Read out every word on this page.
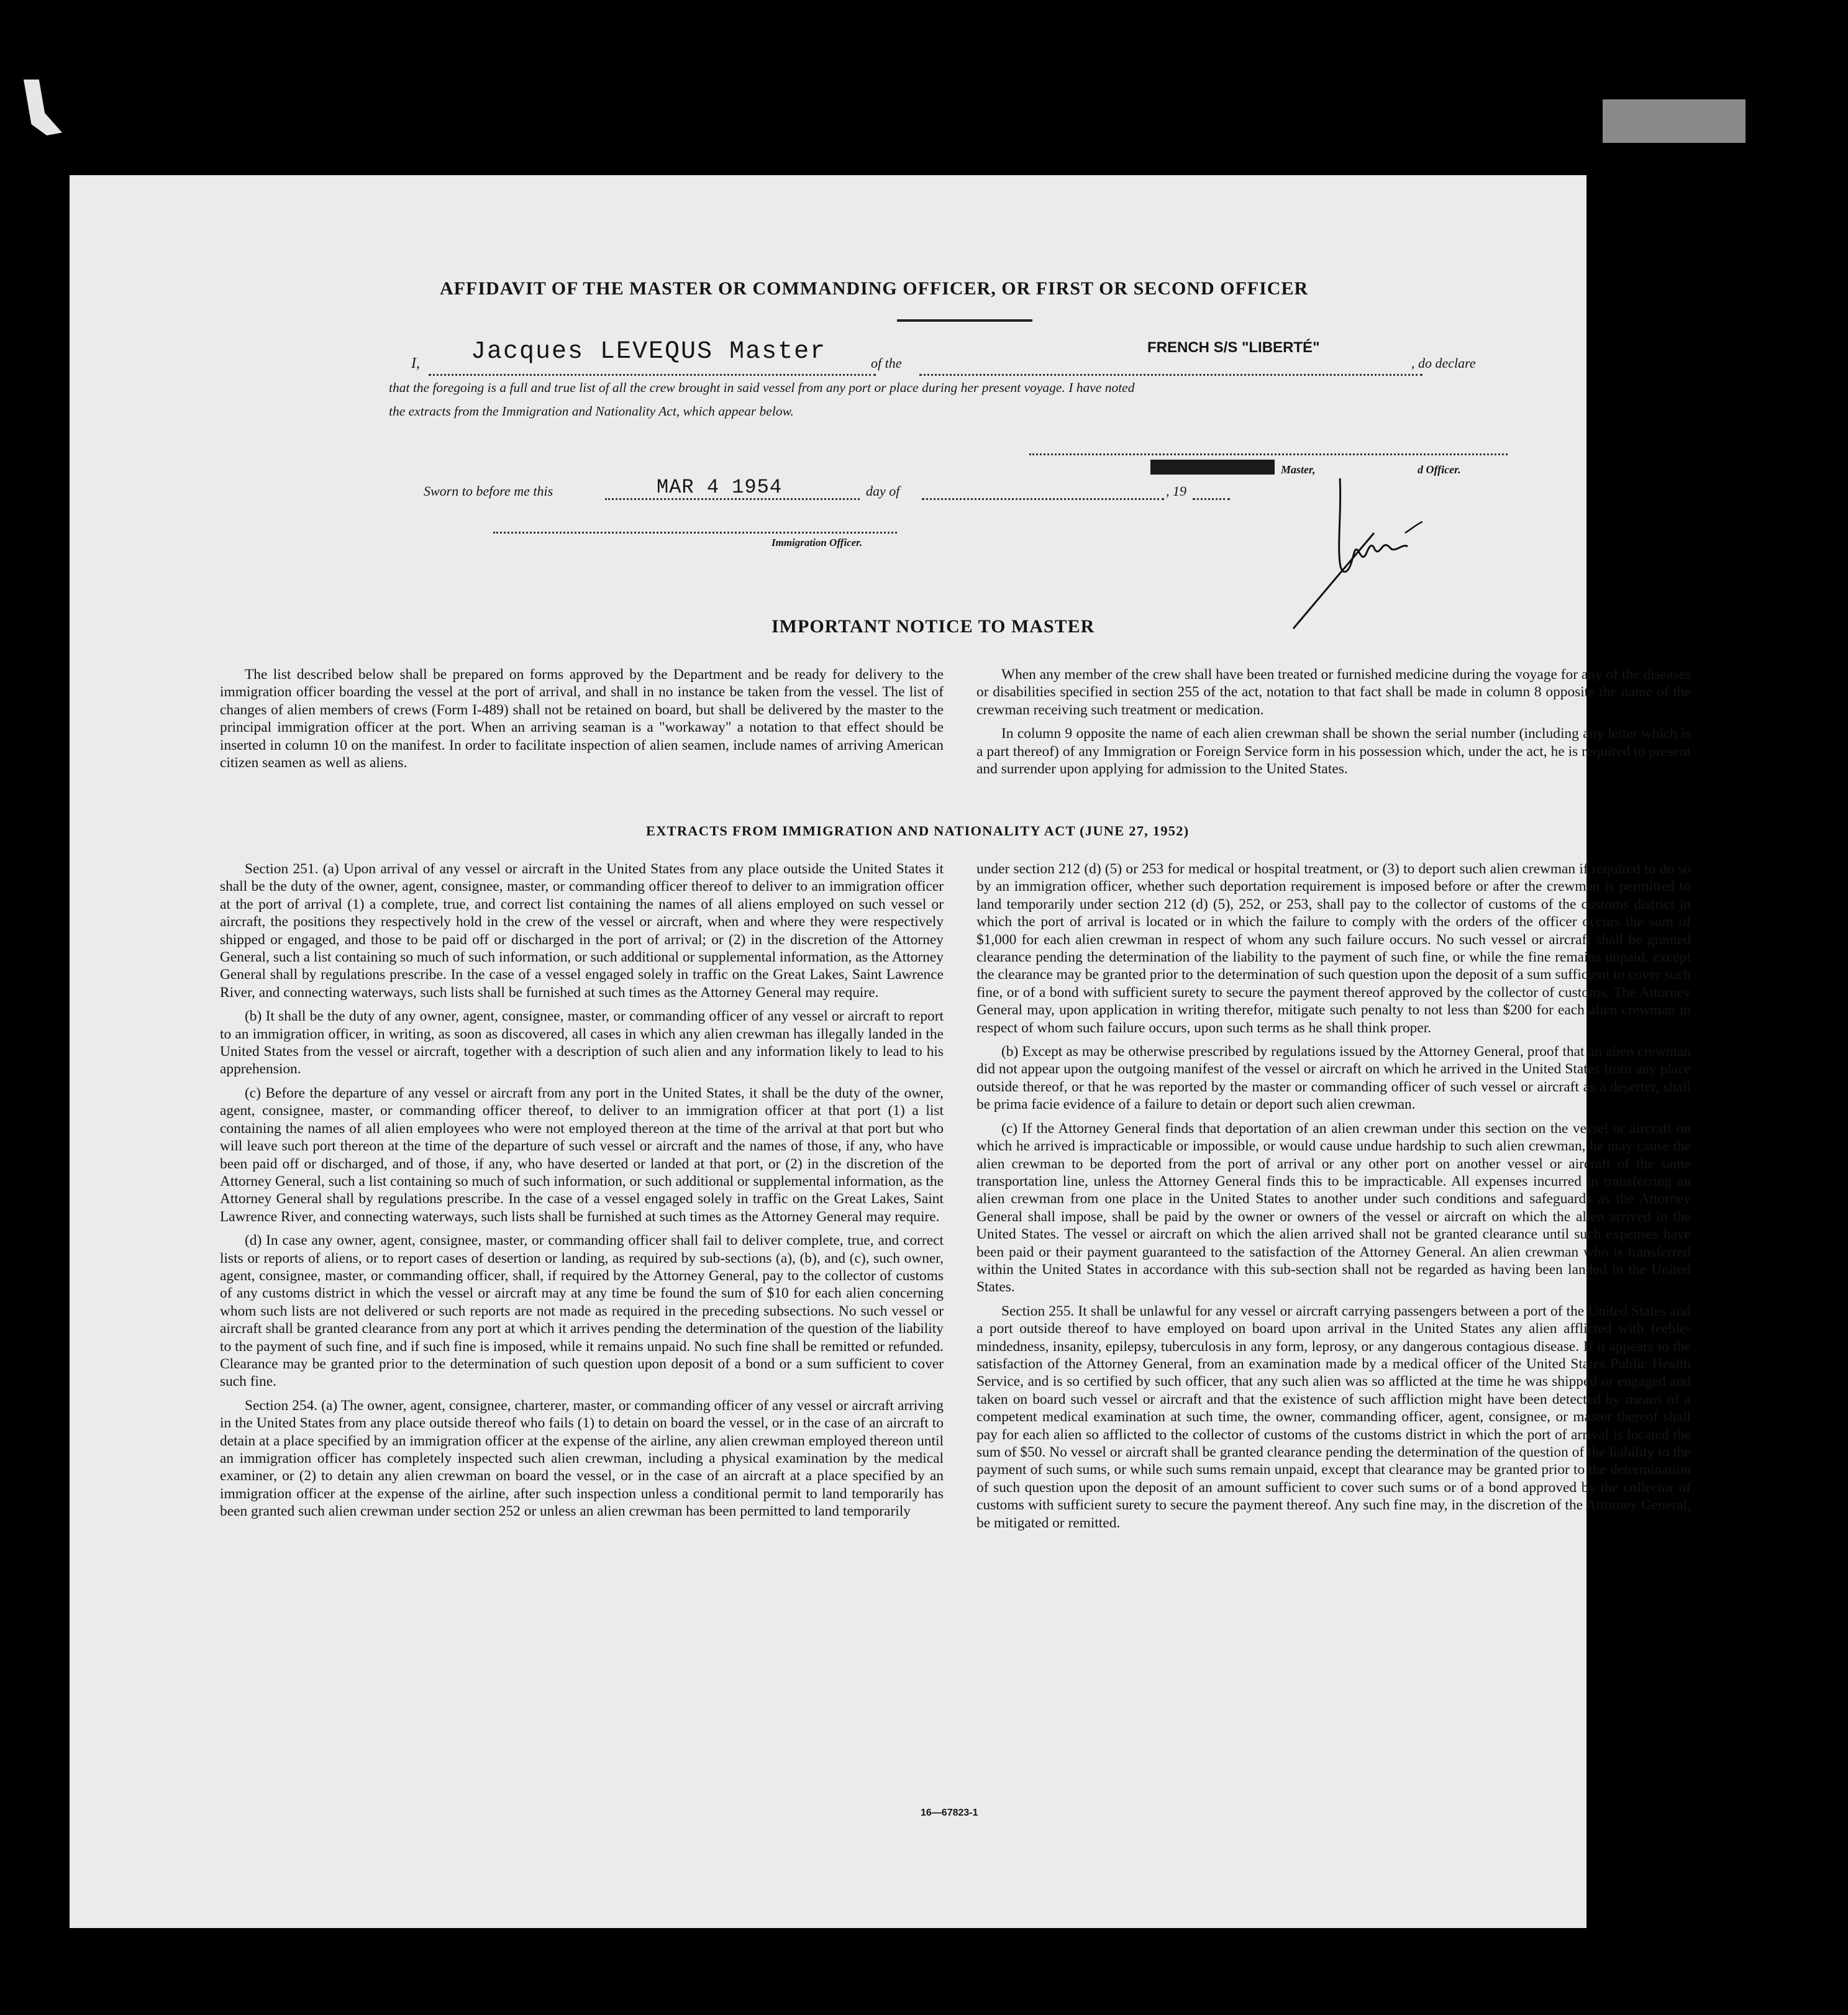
AFFIDAVIT OF THE MASTER OR COMMANDING OFFICER, OR FIRST OR SECOND OFFICER
I, Jacques LEVEQUS Master	of the
FRENCH S/S "LIBERTÉ"
, do declare
that the foregoing is a full and true list of all the crew brought in said vessel from any port or place during her present voyage. I have noted
the extracts from the Immigration and Nationality Act, which appear below.
Master,	d Officer.
Sworn to before me this	MAR 4 1954	day of	, 19
Immigration Officer.
IMPORTANT NOTICE TO MASTER

The list described below shall be prepared on forms approved by the Department and be ready for delivery to the immigration officer boarding the vessel at the port of arrival, and shall in no instance be taken from the vessel. The list of changes of alien members of crews (Form I-489) shall not be retained on board, but shall be delivered by the master to the principal immigration officer at the port. When an arriving seaman is a "workaway" a notation to that effect should be inserted in column 10 on the manifest. In order to facilitate inspection of alien seamen, include names of arriving American citizen seamen as well as aliens.

When any member of the crew shall have been treated or furnished medicine during the voyage for any of the diseases or disabilities specified in section 255 of the act, notation to that fact shall be made in column 8 opposite the name of the crewman receiving such treatment or medication.

In column 9 opposite the name of each alien crewman shall be shown the serial number (including any letter which is a part thereof) of any Immigration or Foreign Service form in his possession which, under the act, he is required to present and surrender upon applying for admission to the United States.

EXTRACTS FROM IMMIGRATION AND NATIONALITY ACT (JUNE 27, 1952)

Section 251. (a) Upon arrival of any vessel or aircraft in the United States from any place outside the United States it shall be the duty of the owner, agent, consignee, master, or commanding officer thereof to deliver to an immigration officer at the port of arrival (1) a complete, true, and correct list containing the names of all aliens employed on such vessel or aircraft, the positions they respectively hold in the crew of the vessel or aircraft, when and where they were respectively shipped or engaged, and those to be paid off or discharged in the port of arrival; or (2) in the discretion of the Attorney General, such a list containing so much of such information, or such additional or supplemental information, as the Attorney General shall by regulations prescribe. In the case of a vessel engaged solely in traffic on the Great Lakes, Saint Lawrence River, and connecting waterways, such lists shall be furnished at such times as the Attorney General may require.

(b) It shall be the duty of any owner, agent, consignee, master, or commanding officer of any vessel or aircraft to report to an immigration officer, in writing, as soon as discovered, all cases in which any alien crewman has illegally landed in the United States from the vessel or aircraft, together with a description of such alien and any information likely to lead to his apprehension.

(c) Before the departure of any vessel or aircraft from any port in the United States, it shall be the duty of the owner, agent, consignee, master, or commanding officer thereof, to deliver to an immigration officer at that port (1) a list containing the names of all alien employees who were not employed thereon at the time of the arrival at that port but who will leave such port thereon at the time of the departure of such vessel or aircraft and the names of those, if any, who have been paid off or discharged, and of those, if any, who have deserted or landed at that port, or (2) in the discretion of the Attorney General, such a list containing so much of such information, or such additional or supplemental information, as the Attorney General shall by regulations prescribe. In the case of a vessel engaged solely in traffic on the Great Lakes, Saint Lawrence River, and connecting waterways, such lists shall be furnished at such times as the Attorney General may require.

(d) In case any owner, agent, consignee, master, or commanding officer shall fail to deliver complete, true, and correct lists or reports of aliens, or to report cases of desertion or landing, as required by sub-sections (a), (b), and (c), such owner, agent, consignee, master, or commanding officer, shall, if required by the Attorney General, pay to the collector of customs of any customs district in which the vessel or aircraft may at any time be found the sum of $10 for each alien concerning whom such lists are not delivered or such reports are not made as required in the preceding subsections. No such vessel or aircraft shall be granted clearance from any port at which it arrives pending the determination of the question of the liability to the payment of such fine, and if such fine is imposed, while it remains unpaid. No such fine shall be remitted or refunded. Clearance may be granted prior to the determination of such question upon deposit of a bond or a sum sufficient to cover such fine.

Section 254. (a) The owner, agent, consignee, charterer, master, or commanding officer of any vessel or aircraft arriving in the United States from any place outside thereof who fails (1) to detain on board the vessel, or in the case of an aircraft to detain at a place specified by an immigration officer at the expense of the airline, any alien crewman employed thereon until an immigration officer has completely inspected such alien crewman, including a physical examination by the medical examiner, or (2) to detain any alien crewman on board the vessel, or in the case of an aircraft at a place specified by an immigration officer at the expense of the airline, after such inspection unless a conditional permit to land temporarily has been granted such alien crewman under section 252 or unless an alien crewman has been permitted to land temporarily

under section 212 (d) (5) or 253 for medical or hospital treatment, or (3) to deport such alien crewman if required to do so by an immigration officer, whether such deportation requirement is imposed before or after the crewman is permitted to land temporarily under section 212 (d) (5), 252, or 253, shall pay to the collector of customs of the customs district in which the port of arrival is located or in which the failure to comply with the orders of the officer occurs the sum of $1,000 for each alien crewman in respect of whom any such failure occurs. No such vessel or aircraft shall be granted clearance pending the determination of the liability to the payment of such fine, or while the fine remains unpaid, except the clearance may be granted prior to the determination of such question upon the deposit of a sum sufficient to cover such fine, or of a bond with sufficient surety to secure the payment thereof approved by the collector of customs. The Attorney General may, upon application in writing therefor, mitigate such penalty to not less than $200 for each alien crewman in respect of whom such failure occurs, upon such terms as he shall think proper.

(b) Except as may be otherwise prescribed by regulations issued by the Attorney General, proof that an alien crewman did not appear upon the outgoing manifest of the vessel or aircraft on which he arrived in the United States from any place outside thereof, or that he was reported by the master or commanding officer of such vessel or aircraft as a deserter, shall be prima facie evidence of a failure to detain or deport such alien crewman.

(c) If the Attorney General finds that deportation of an alien crewman under this section on the vessel or aircraft on which he arrived is impracticable or impossible, or would cause undue hardship to such alien crewman, he may cause the alien crewman to be deported from the port of arrival or any other port on another vessel or aircraft of the same transportation line, unless the Attorney General finds this to be impracticable. All expenses incurred in transferring an alien crewman from one place in the United States to another under such conditions and safeguards as the Attorney General shall impose, shall be paid by the owner or owners of the vessel or aircraft on which the alien arrived in the United States. The vessel or aircraft on which the alien arrived shall not be granted clearance until such expenses have been paid or their payment guaranteed to the satisfaction of the Attorney General. An alien crewman who is transferred within the United States in accordance with this sub-section shall not be regarded as having been landed in the United States.

Section 255. It shall be unlawful for any vessel or aircraft carrying passengers between a port of the United States and a port outside thereof to have employed on board upon arrival in the United States any alien afflicted with feeble-mindedness, insanity, epilepsy, tuberculosis in any form, leprosy, or any dangerous contagious disease. If it appears to the satisfaction of the Attorney General, from an examination made by a medical officer of the United States Public Health Service, and is so certified by such officer, that any such alien was so afflicted at the time he was shipped or engaged and taken on board such vessel or aircraft and that the existence of such affliction might have been detected by means of a competent medical examination at such time, the owner, commanding officer, agent, consignee, or master thereof shall pay for each alien so afflicted to the collector of customs of the customs district in which the port of arrival is located the sum of $50. No vessel or aircraft shall be granted clearance pending the determination of the question of the liability to the payment of such sums, or while such sums remain unpaid, except that clearance may be granted prior to the determination of such question upon the deposit of an amount sufficient to cover such sums or of a bond approved by the collector of customs with sufficient surety to secure the payment thereof. Any such fine may, in the discretion of the Attorney General, be mitigated or remitted.

16—67823-1
